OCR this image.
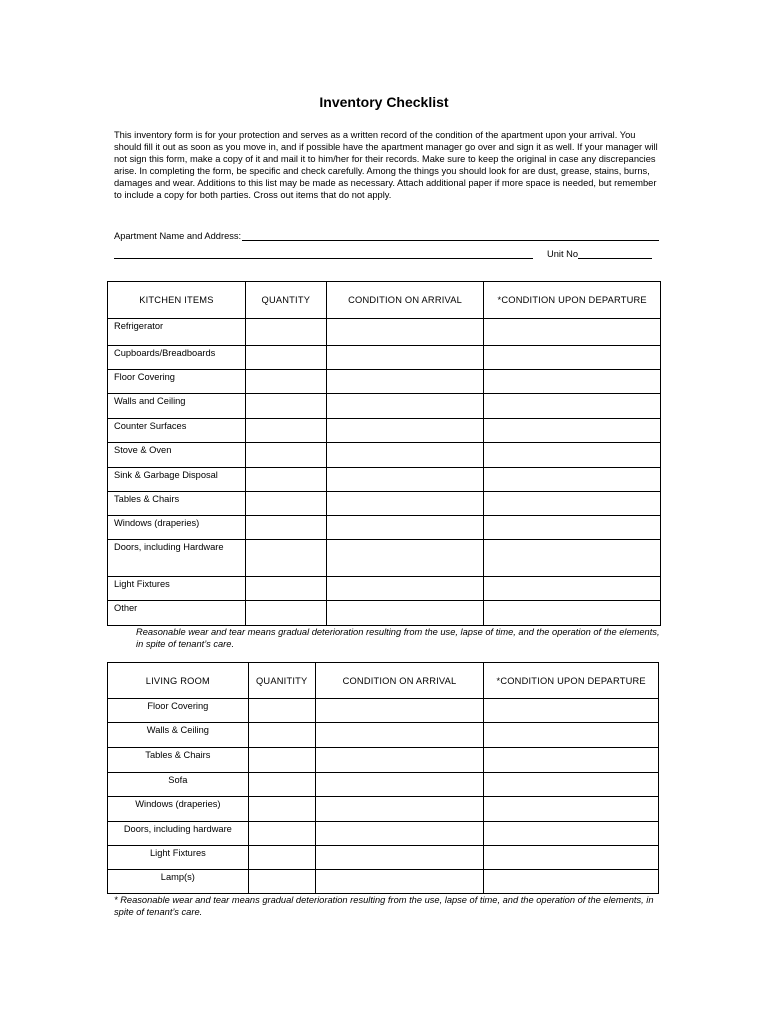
Inventory Checklist
This inventory form is for your protection and serves as a written record of the condition of the apartment upon your arrival. You should fill it out as soon as you move in, and if possible have the apartment manager go over and sign it as well. If your manager will not sign this form, make a copy of it and mail it to him/her for their records. Make sure to keep the original in case any discrepancies arise. In completing the form, be specific and check carefully. Among the things you should look for are dust, grease, stains, burns, damages and wear. Additions to this list may be made as necessary. Attach additional paper if more space is needed, but remember to include a copy for both parties. Cross out items that do not apply.
Apartment Name and Address:
Unit No
KITCHEN ITEMS	QUANTITY	CONDITION ON ARRIVAL	*CONDITION UPON DEPARTURE
Refrigerator			
Cupboards/Breadboards			
Floor Covering			
Walls and Ceiling			
Counter Surfaces			
Stove & Oven			
Sink & Garbage Disposal			
Tables & Chairs			
Windows (draperies)			
Doors, including Hardware			
Light Fixtures			
Other			
Reasonable wear and tear means gradual deterioration resulting from the use, lapse of time, and the operation of the elements, in spite of tenant’s care.
LIVING ROOM	QUANITITY	CONDITION ON ARRIVAL	*CONDITION UPON DEPARTURE
Floor Covering			
Walls & Ceiling			
Tables & Chairs			
Sofa			
Windows (draperies)			
Doors, including hardware			
Light Fixtures			
Lamp(s)			
* Reasonable wear and tear means gradual deterioration resulting from the use, lapse of time, and the operation of the elements, in spite of tenant’s care.
